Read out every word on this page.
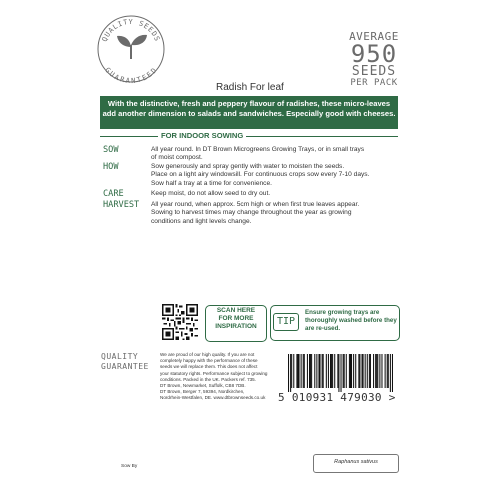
QUALITY SEEDS
GUARANTEED
AVERAGE
950
SEEDS
PER PACK
Radish For leaf
With the distinctive, fresh and peppery flavour of radishes, these micro-leaves
add another dimension to salads and sandwiches. Especially good with cheeses.
FOR INDOOR SOWING
SOW	All year round. In DT Brown Microgreens Growing Trays, or in small trays
of moist compost.
HOW	Sow generously and spray gently with water to moisten the seeds.
Place on a light airy windowsill. For continuous crops sow every 7-10 days.
Sow half a tray at a time for convenience.
CARE	Keep moist, do not allow seed to dry out.
HARVEST All year round, when approx. 5cm high or when first true leaves appear.
Sowing to harvest times may change throughout the year as growing
conditions and light levels change.
SCAN HERE
FOR MORE
INSPIRATION	TIP
Ensure growing trays are thoroughly washed before they are re-used.
QUALITY
GUARANTEE
We are proud of our high quality. If you are not
completely happy with the performance of these
seeds we will replace them. This does not affect
your statutory rights. Performance subject to growing
conditions. Packed in the UK. Packers ref. 735.
DT Brown, Newmarket, Suffolk, CB8 7DB.
DT Brown, Berger 7, 59394, Nordkirchen,
Nordrhein-Westfalen, DE. www.dtbrownseeds.co.uk	5 010931 479030 >
Sow By
Raphanus sativus
